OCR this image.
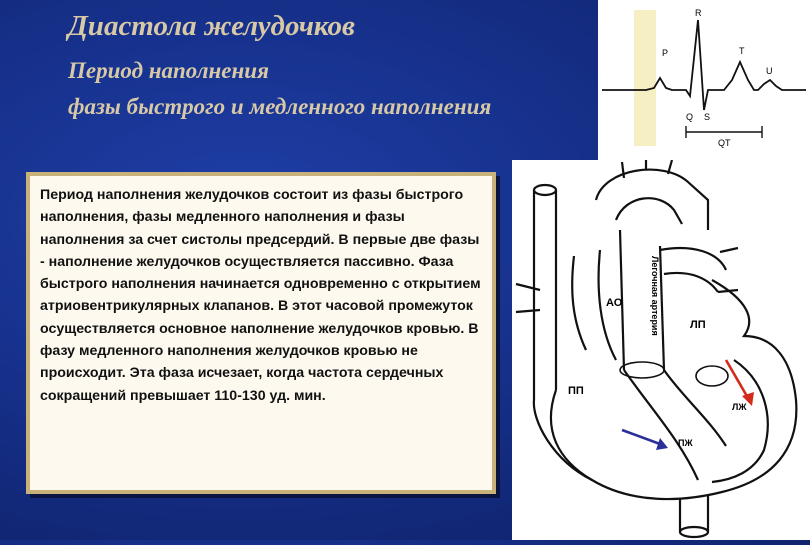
Диастола желудочков
Период наполнения
фазы быстрого и медленного наполнения

Период наполнения желудочков состоит из фазы быстрого наполнения, фазы медленного наполнения и фазы наполнения за счет систолы предсердий. В первые две фазы - наполнение желудочков осуществляется пассивно. Фаза быстрого наполнения начинается одновременно с открытием атриовентрикулярных клапанов. В этот часовой промежуток осуществляется основное наполнение желудочков кровью. В фазу медленного наполнения желудочков кровью не происходит. Эта фаза исчезает, когда частота сердечных сокращений превышает 110-130 уд. мин.

R
P	T
U
Q S
QT
АО
ЛП
ПП
ЛЖ
ПЖ
Легочная артерия
